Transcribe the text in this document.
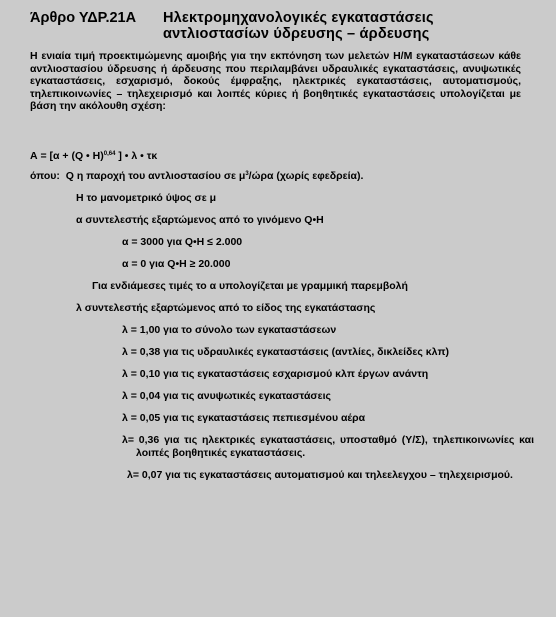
Άρθρο ΥΔΡ.21Α Ηλεκτρομηχανολογικές εγκαταστάσεις
αντλιοστασίων ύδρευσης – άρδευσης
Η ενιαία τιμή προεκτιμώμενης αμοιβής για την εκπόνηση των μελετών Η/Μ εγκαταστάσεων κάθε αντλιοστασίου ύδρευσης ή άρδευσης που περιλαμβάνει υδραυλικές εγκαταστάσεις, ανυψωτικές εγκαταστάσεις, εσχαρισμό, δοκούς έμφραξης, ηλεκτρικές εγκαταστάσεις, αυτοματισμούς, τηλεπικοινωνίες – τηλεχειρισμό και λοιπές κύριες ή βοηθητικές εγκαταστάσεις υπολογίζεται με βάση την ακόλουθη σχέση:
Α = [α + (Q • H)$^{0,64}$ ] • λ • τκ
όπου: Q η παροχή του αντλιοστασίου σε $\mu^3$/ώρα (χωρίς εφεδρεία).
H το μανομετρικό ύψος σε μ
α συντελεστής εξαρτώμενος από το γινόμενο Q•H
α = 3000 για Q•H ≤ 2.000
α = 0 για Q•H ≥ 20.000
Για ενδιάμεσες τιμές το α υπολογίζεται με γραμμική παρεμβολή
λ συντελεστής εξαρτώμενος από το είδος της εγκατάστασης
λ = 1,00 για το σύνολο των εγκαταστάσεων
λ = 0,38 για τις υδραυλικές εγκαταστάσεις (αντλίες, δικλείδες κλπ)
λ = 0,10 για τις εγκαταστάσεις εσχαρισμού κλπ έργων ανάντη
λ = 0,04 για τις ανυψωτικές εγκαταστάσεις
λ = 0,05 για τις εγκαταστάσεις πεπιεσμένου αέρα
λ= 0,36 για τις ηλεκτρικές εγκαταστάσεις, υποσταθμό (Υ/Σ), τηλεπικοινωνίες και λοιπές βοηθητικές εγκαταστάσεις.
λ= 0,07 για τις εγκαταστάσεις αυτοματισμού και τηλεελεγχου – τηλεχειρισμού.
